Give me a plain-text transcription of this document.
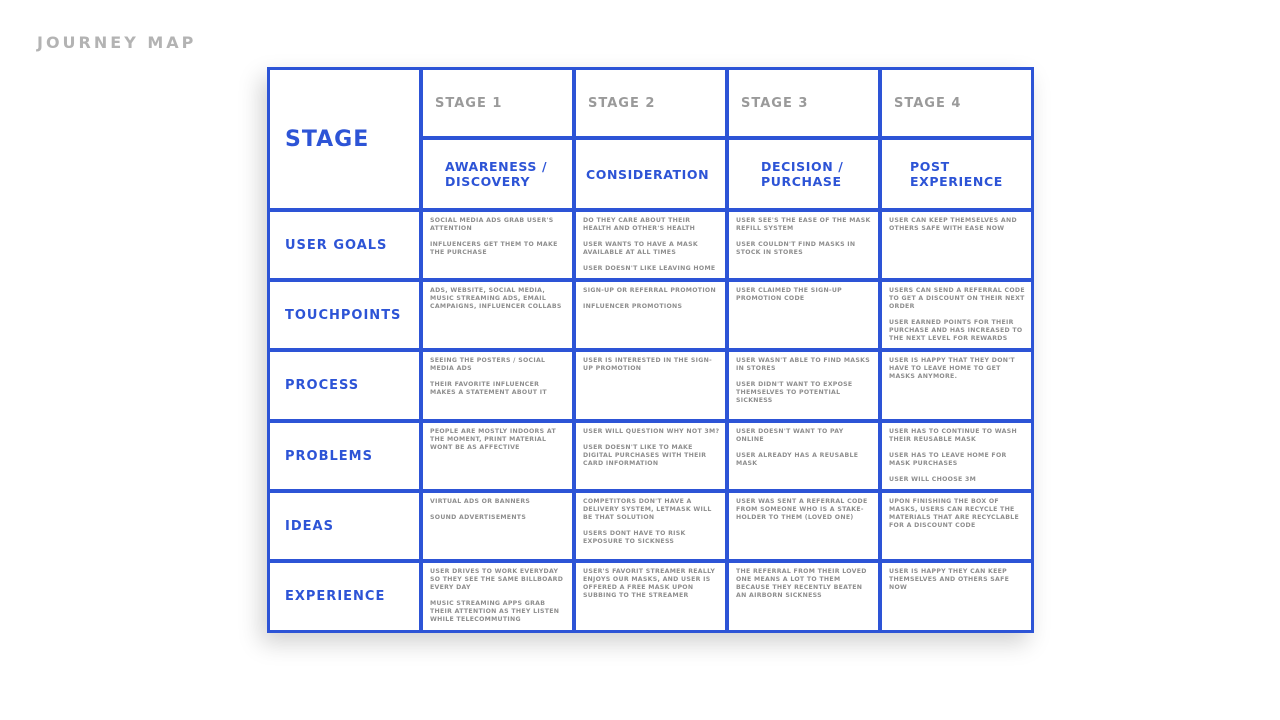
JOURNEY MAP
STAGE
STAGE 1
AWARENESS /
DISCOVERY
STAGE 2
CONSIDERATION
STAGE 3
DECISION /
PURCHASE
STAGE 4
POST
EXPERIENCE
USER GOALS

SOCIAL MEDIA ADS GRAB USER'S ATTENTION

INFLUENCERS GET THEM TO MAKE THE PURCHASE

DO THEY CARE ABOUT THEIR HEALTH AND OTHER'S HEALTH

USER WANTS TO HAVE A MASK AVAILABLE AT ALL TIMES

USER DOESN'T LIKE LEAVING HOME

USER SEE'S THE EASE OF THE MASK REFILL SYSTEM

USER COULDN'T FIND MASKS IN STOCK IN STORES

USER CAN KEEP THEMSELVES AND OTHERS SAFE WITH EASE NOW

TOUCHPOINTS

ADS, WEBSITE, SOCIAL MEDIA, MUSIC STREAMING ADS, EMAIL CAMPAIGNS, INFLUENCER COLLABS

SIGN-UP OR REFERRAL PROMOTION

INFLUENCER PROMOTIONS

USER CLAIMED THE SIGN-UP PROMOTION CODE

USERS CAN SEND A REFERRAL CODE TO GET A DISCOUNT ON THEIR NEXT ORDER

USER EARNED POINTS FOR THEIR PURCHASE AND HAS INCREASED TO THE NEXT LEVEL FOR REWARDS

PROCESS

SEEING THE POSTERS / SOCIAL MEDIA ADS

THEIR FAVORITE INFLUENCER MAKES A STATEMENT ABOUT IT

USER IS INTERESTED IN THE SIGN-UP PROMOTION

USER WASN'T ABLE TO FIND MASKS IN STORES

USER DIDN'T WANT TO EXPOSE THEMSELVES TO POTENTIAL SICKNESS

USER IS HAPPY THAT THEY DON'T HAVE TO LEAVE HOME TO GET MASKS ANYMORE.

PROBLEMS

PEOPLE ARE MOSTLY INDOORS AT THE MOMENT, PRINT MATERIAL WONT BE AS AFFECTIVE

USER WILL QUESTION WHY NOT 3M?

USER DOESN'T LIKE TO MAKE DIGITAL PURCHASES WITH THEIR CARD INFORMATION

USER DOESN'T WANT TO PAY ONLINE

USER ALREADY HAS A REUSABLE MASK

USER HAS TO CONTINUE TO WASH THEIR REUSABLE MASK

USER HAS TO LEAVE HOME FOR MASK PURCHASES

USER WILL CHOOSE 3M

IDEAS

VIRTUAL ADS OR BANNERS

SOUND ADVERTISEMENTS

COMPETITORS DON'T HAVE A DELIVERY SYSTEM, LETMASK WILL BE THAT SOLUTION

USERS DONT HAVE TO RISK EXPOSURE TO SICKNESS

USER WAS SENT A REFERRAL CODE FROM SOMEONE WHO IS A STAKE-HOLDER TO THEM (LOVED ONE)

UPON FINISHING THE BOX OF MASKS, USERS CAN RECYCLE THE MATERIALS THAT ARE RECYCLABLE FOR A DISCOUNT CODE

EXPERIENCE

USER DRIVES TO WORK EVERYDAY SO THEY SEE THE SAME BILLBOARD EVERY DAY

MUSIC STREAMING APPS GRAB THEIR ATTENTION AS THEY LISTEN WHILE TELECOMMUTING

USER'S FAVORIT STREAMER REALLY ENJOYS OUR MASKS, AND USER IS OFFERED A FREE MASK UPON SUBBING TO THE STREAMER

THE REFERRAL FROM THEIR LOVED ONE MEANS A LOT TO THEM BECAUSE THEY RECENTLY BEATEN AN AIRBORN SICKNESS

USER IS HAPPY THEY CAN KEEP THEMSELVES AND OTHERS SAFE NOW
